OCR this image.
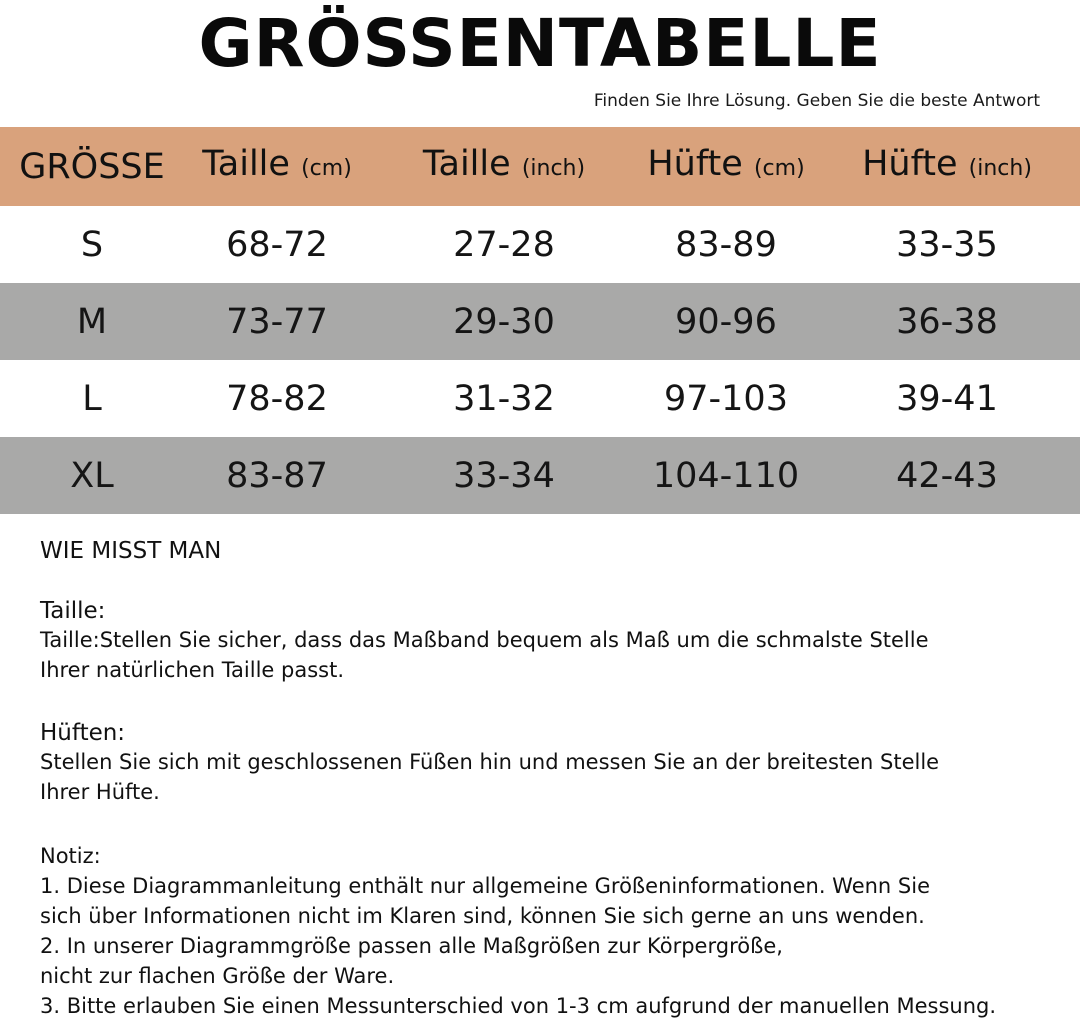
GRÖSSENTABELLE
Finden Sie Ihre Lösung. Geben Sie die beste Antwort
GRÖSSE	Taille (cm)	Taille (inch)	Hüfte (cm)	Hüfte (inch)
S	68-72	27-28	83-89	33-35
M	73-77	29-30	90-96	36-38
L	78-82	31-32	97-103	39-41
XL	83-87	33-34	104-110	42-43

WIE MISST MAN

Taille:

Taille:Stellen Sie sicher, dass das Maßband bequem als Maß um die schmalste Stelle

Ihrer natürlichen Taille passt.

Hüften:

Stellen Sie sich mit geschlossenen Füßen hin und messen Sie an der breitesten Stelle

Ihrer Hüfte.

Notiz:

1. Diese Diagrammanleitung enthält nur allgemeine Größeninformationen. Wenn Sie

sich über Informationen nicht im Klaren sind, können Sie sich gerne an uns wenden.

2. In unserer Diagrammgröße passen alle Maßgrößen zur Körpergröße,

nicht zur flachen Größe der Ware.

3. Bitte erlauben Sie einen Messunterschied von 1-3 cm aufgrund der manuellen Messung.
